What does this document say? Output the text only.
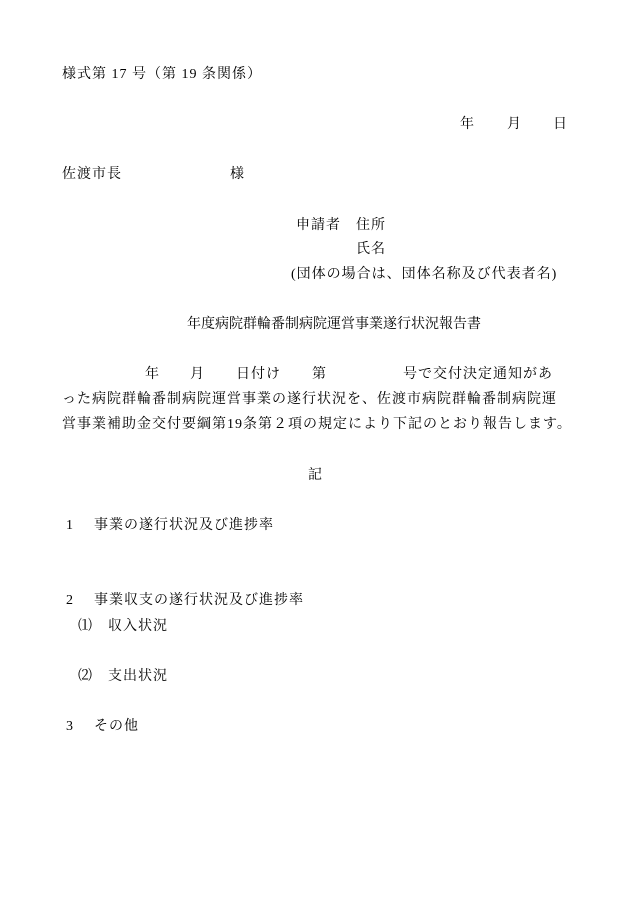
様式第 17 号（第 19 条関係）
年 月 日
佐渡市長	様
申請者 住所
氏名
(団体の場合は、団体名称及び代表者名)
年度病院群輪番制病院運営事業遂行状況報告書
年 月 日付け 第	号で交付決定通知があ
った病院群輪番制病院運営事業の遂行状況を、佐渡市病院群輪番制病院運
営事業補助金交付要綱第19条第２項の規定により下記のとおり報告します。
記
1 事業の遂行状況及び進捗率
2 事業収支の遂行状況及び進捗率
⑴ 収入状況
⑵ 支出状況
3 その他
